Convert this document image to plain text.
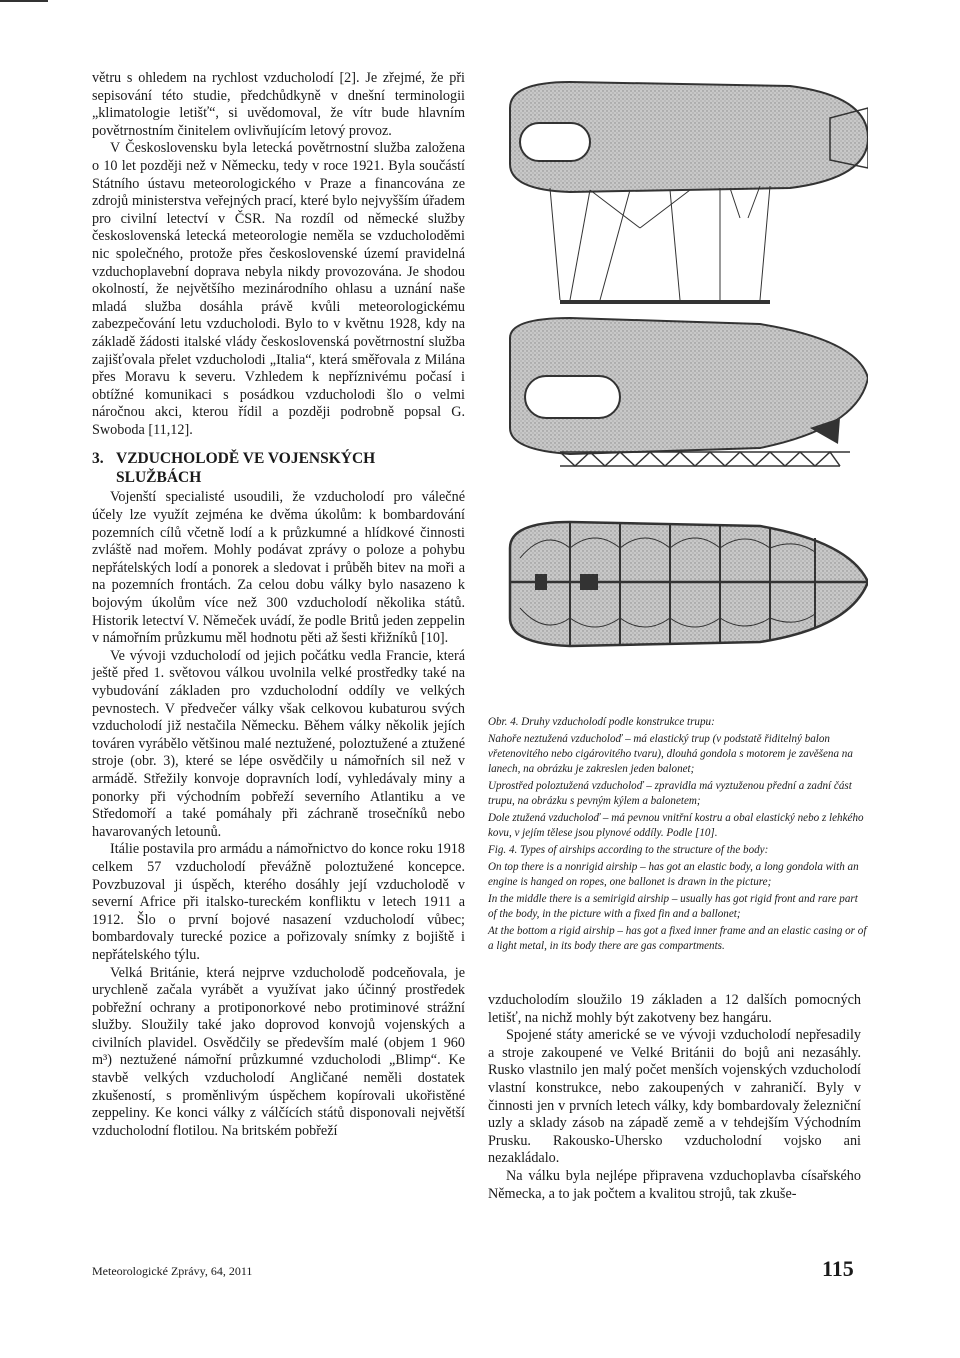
větru s ohledem na rychlost vzducholodí [2]. Je zřejmé, že při sepisování této studie, předchůdkyně v dnešní terminologii „klimatologie letišť“, si uvědomoval, že vítr bude hlavním povětrnostním činitelem ovlivňujícím letový provoz.

V Československu byla letecká povětrnostní služba založena o 10 let později než v Německu, tedy v roce 1921. Byla součástí Státního ústavu meteorologického v Praze a financována ze zdrojů ministerstva veřejných prací, které bylo nejvyšším úřadem pro civilní letectví v ČSR. Na rozdíl od německé služby československá letecká meteorologie neměla se vzducholoděmi nic společného, protože přes československé území pravidelná vzduchoplavební doprava nebyla nikdy provozována. Je shodou okolností, že největšího mezinárodního ohlasu a uznání naše mladá služba dosáhla právě kvůli meteorologickému zabezpečování letu vzducholodi. Bylo to v květnu 1928, kdy na základě žádosti italské vlády československá povětrnostní služba zajišťovala přelet vzducholodi „Italia“, která směřovala z Milána přes Moravu k severu. Vzhledem k nepříznivému počasí i obtížné komunikaci s posádkou vzducholodi šlo o velmi náročnou akci, kterou řídil a později podrobně popsal G. Swoboda [11,12].

3. VZDUCHOLODĚ VE VOJENSKÝCH
SLUŽBÁCH

Vojenští specialisté usoudili, že vzducholodí pro válečné účely lze využít zejména ke dvěma úkolům: k bombardování pozemních cílů včetně lodí a k průzkumné a hlídkové činnosti zvláště nad mořem. Mohly podávat zprávy o poloze a pohybu nepřátelských lodí a ponorek a sledovat i průběh bitev na moři a na pozemních frontách. Za celou dobu války bylo nasazeno k bojovým úkolům více než 300 vzducholodí několika států. Historik letectví V. Němeček uvádí, že podle Britů jeden zeppelin v námořním průzkumu měl hodnotu pěti až šesti křižníků [10].

Ve vývoji vzducholodí od jejich počátku vedla Francie, která ještě před 1. světovou válkou uvolnila velké prostředky také na vybudování základen pro vzducholodní oddíly ve velkých pevnostech. V předvečer války však celkovou kubaturou svých vzducholodí již nestačila Německu. Během války několik jejích továren vyrábělo většinou malé neztužené, poloztužené a ztužené stroje (obr. 3), které se lépe osvědčily u námořních sil než v armádě. Střežily konvoje dopravních lodí, vyhledávaly miny a ponorky při východním pobřeží severního Atlantiku a ve Středomoří a také pomáhaly při záchraně trosečníků nebo havarovaných letounů.

Itálie postavila pro armádu a námořnictvo do konce roku 1918 celkem 57 vzducholodí převážně poloztužené koncepce. Povzbuzoval ji úspěch, kterého dosáhly její vzducholodě v severní Africe při italsko-tureckém konfliktu v letech 1911 a 1912. Šlo o první bojové nasazení vzducholodí vůbec; bombardovaly turecké pozice a pořizovaly snímky z bojiště i nepřátelského týlu.

Velká Británie, která nejprve vzducholodě podceňovala, je urychleně začala vyrábět a využívat jako účinný prostředek pobřežní ochrany a protiponorkové nebo protiminové strážní služby. Sloužily také jako doprovod konvojů vojenských a civilních plavidel. Osvědčily se především malé (objem 1 960 m³) neztužené námořní průzkumné vzducholodi „Blimp“. Ke stavbě velkých vzducholodí Angličané neměli dostatek zkušeností, s proměnlivým úspěchem kopírovali ukořistěné zeppeliny. Ke konci války z válčících států disponovali největší vzducholodní flotilou. Na britském pobřeží

Obr. 4. Druhy vzducholodí podle konstrukce trupu:

Nahoře neztužená vzducholoď – má elastický trup (v podstatě řiditelný balon vřetenovitého nebo cigárovitého tvaru), dlouhá gondola s motorem je zavěšena na lanech, na obrázku je zakreslen jeden balonet;

Uprostřed poloztužená vzducholoď – zpravidla má vyztuženou přední a zadní část trupu, na obrázku s pevným kýlem a balonetem;

Dole ztužená vzducholoď – má pevnou vnitřní kostru a obal elastický nebo z lehkého kovu, v jejím tělese jsou plynové oddíly. Podle [10].

Fig. 4. Types of airships according to the structure of the body:

On top there is a nonrigid airship – has got an elastic body, a long gondola with an engine is hanged on ropes, one ballonet is drawn in the picture;

In the middle there is a semirigid airship – usually has got rigid front and rare part of the body, in the picture with a fixed fin and a ballonet;

At the bottom a rigid airship – has got a fixed inner frame and an elastic casing or of a light metal, in its body there are gas compartments.

vzducholodím sloužilo 19 základen a 12 dalších pomocných letišť, na nichž mohly být zakotveny bez hangáru.

Spojené státy americké se ve vývoji vzducholodí nepřesadily a stroje zakoupené ve Velké Británii do bojů ani nezasáhly. Rusko vlastnilo jen malý počet menších vojenských vzducholodí vlastní konstrukce, nebo zakoupených v zahraničí. Byly v činnosti jen v prvních letech války, kdy bombardovaly železniční uzly a sklady zásob na západě země a v tehdejším Východním Prusku. Rakousko-Uhersko vzducholodní vojsko ani nezakládalo.

Na válku byla nejlépe připravena vzduchoplavba císařského Německa, a to jak počtem a kvalitou strojů, tak zkuše-

Meteorologické Zprávy, 64, 2011	115
